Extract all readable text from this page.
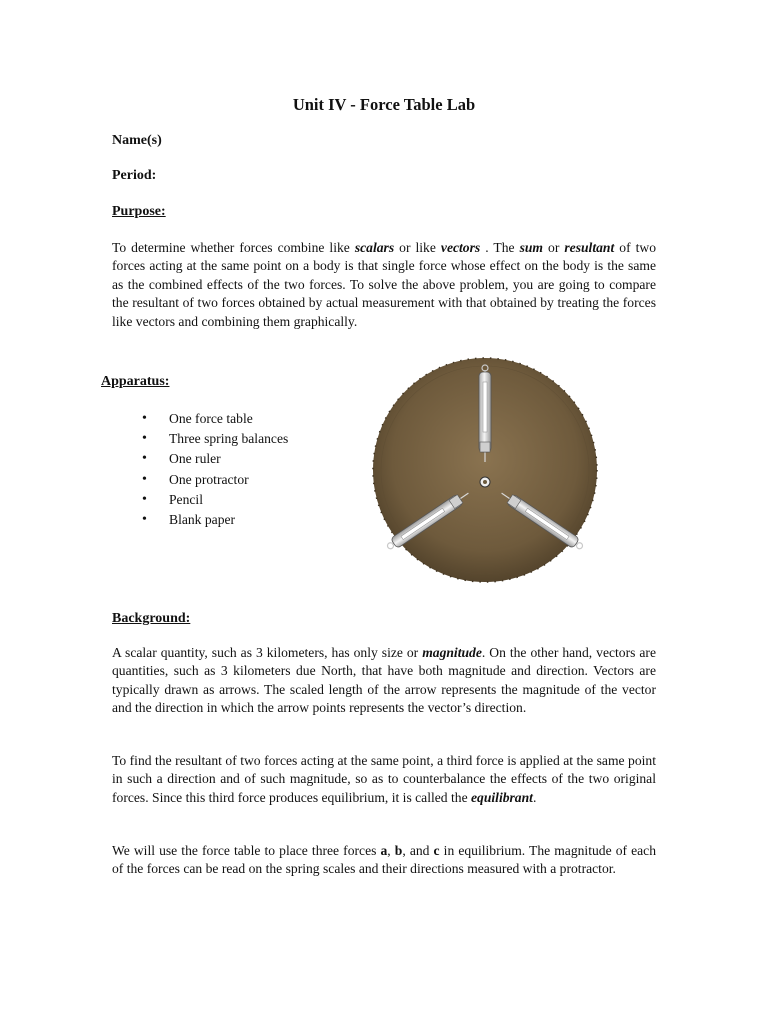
Unit IV - Force Table Lab
Name(s)
Period:
Purpose:
To determine whether forces combine like scalars or like vectors . The sum or resultant of two forces acting at the same point on a body is that single force whose effect on the body is the same as the combined effects of the two forces. To solve the above problem, you are going to compare the resultant of two forces obtained by actual measurement with that obtained by treating the forces like vectors and combining them graphically.
Apparatus:
• One force table
• Three spring balances
• One ruler
• One protractor
• Pencil
• Blank paper
Background:
A scalar quantity, such as 3 kilometers, has only size or magnitude. On the other hand, vectors are quantities, such as 3 kilometers due North, that have both magnitude and direction. Vectors are typically drawn as arrows. The scaled length of the arrow represents the magnitude of the vector and the direction in which the arrow points represents the vector’s direction.
To find the resultant of two forces acting at the same point, a third force is applied at the same point in such a direction and of such magnitude, so as to counterbalance the effects of the two original forces. Since this third force produces equilibrium, it is called the equilibrant.
We will use the force table to place three forces a, b, and c in equilibrium. The magnitude of each of the forces can be read on the spring scales and their directions measured with a protractor.
